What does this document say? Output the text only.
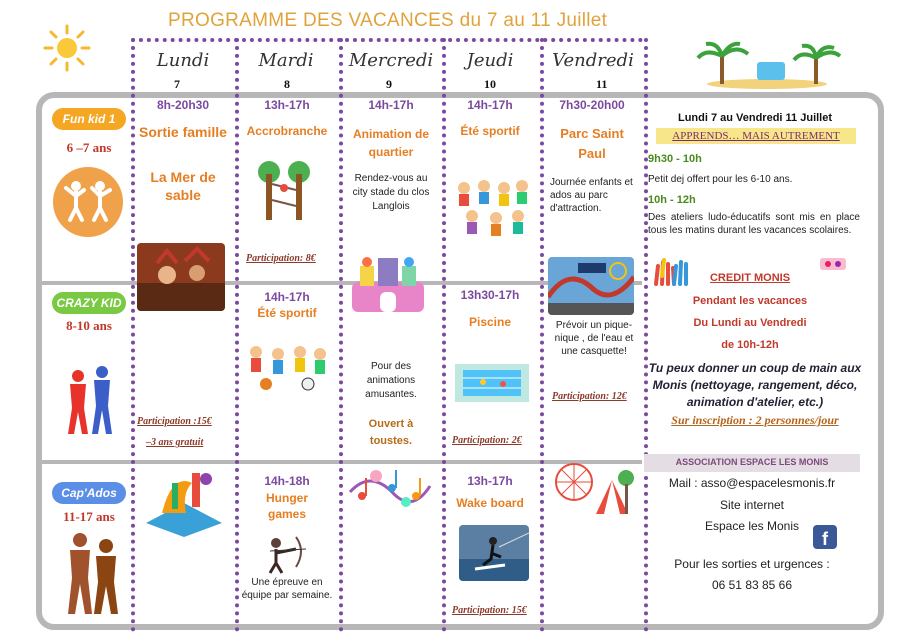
PROGRAMME DES VACANCES du 7 au 11 Juillet
Lundi
7
Mardi
8
Mercredi
9
Jeudi
10
Vendredi
11
Fun kid 1
6 –7 ans
CRAZY KID
8-10 ans
Cap'Ados
11-17 ans
8h-20h30
Sortie famille
La Mer de sable
Participation :15€
–3 ans gratuit
13h-17h
Accrobranche
Participation: 8€
14h-17h
Été sportif
14h-18h
Hunger games
Une épreuve en équipe par semaine.
14h-17h
Animation de quartier
Rendez-vous au city stade du clos Langlois
Pour des animations amusantes.
Ouvert à toustes.
14h-17h
Été sportif
13h30-17h
Piscine
Participation: 2€
13h-17h
Wake board
Participation: 15€
7h30-20h00
Parc Saint Paul
Journée enfants et ados au parc d'attraction.
Prévoir un pique-nique , de l'eau et une casquette!
Participation: 12€
Lundi 7 au Vendredi 11 Juillet
APPRENDS… MAIS AUTREMENT
9h30 - 10h
Petit dej offert pour les 6-10 ans.
10h - 12h
Des ateliers ludo-éducatifs sont mis en place tous les matins durant les vacances scolaires.
CREDIT MONIS
Pendant les vacances
Du Lundi au Vendredi
de 10h-12h
Tu peux donner un coup de main aux Monis (nettoyage, rangement, déco, animation d'atelier, etc.)
Sur inscription : 2 personnes/jour
ASSOCIATION ESPACE LES MONIS
Mail : asso@espacelesmonis.fr
Site internet
Espace les Monis
f
Pour les sorties et urgences :
06 51 83 85 66
